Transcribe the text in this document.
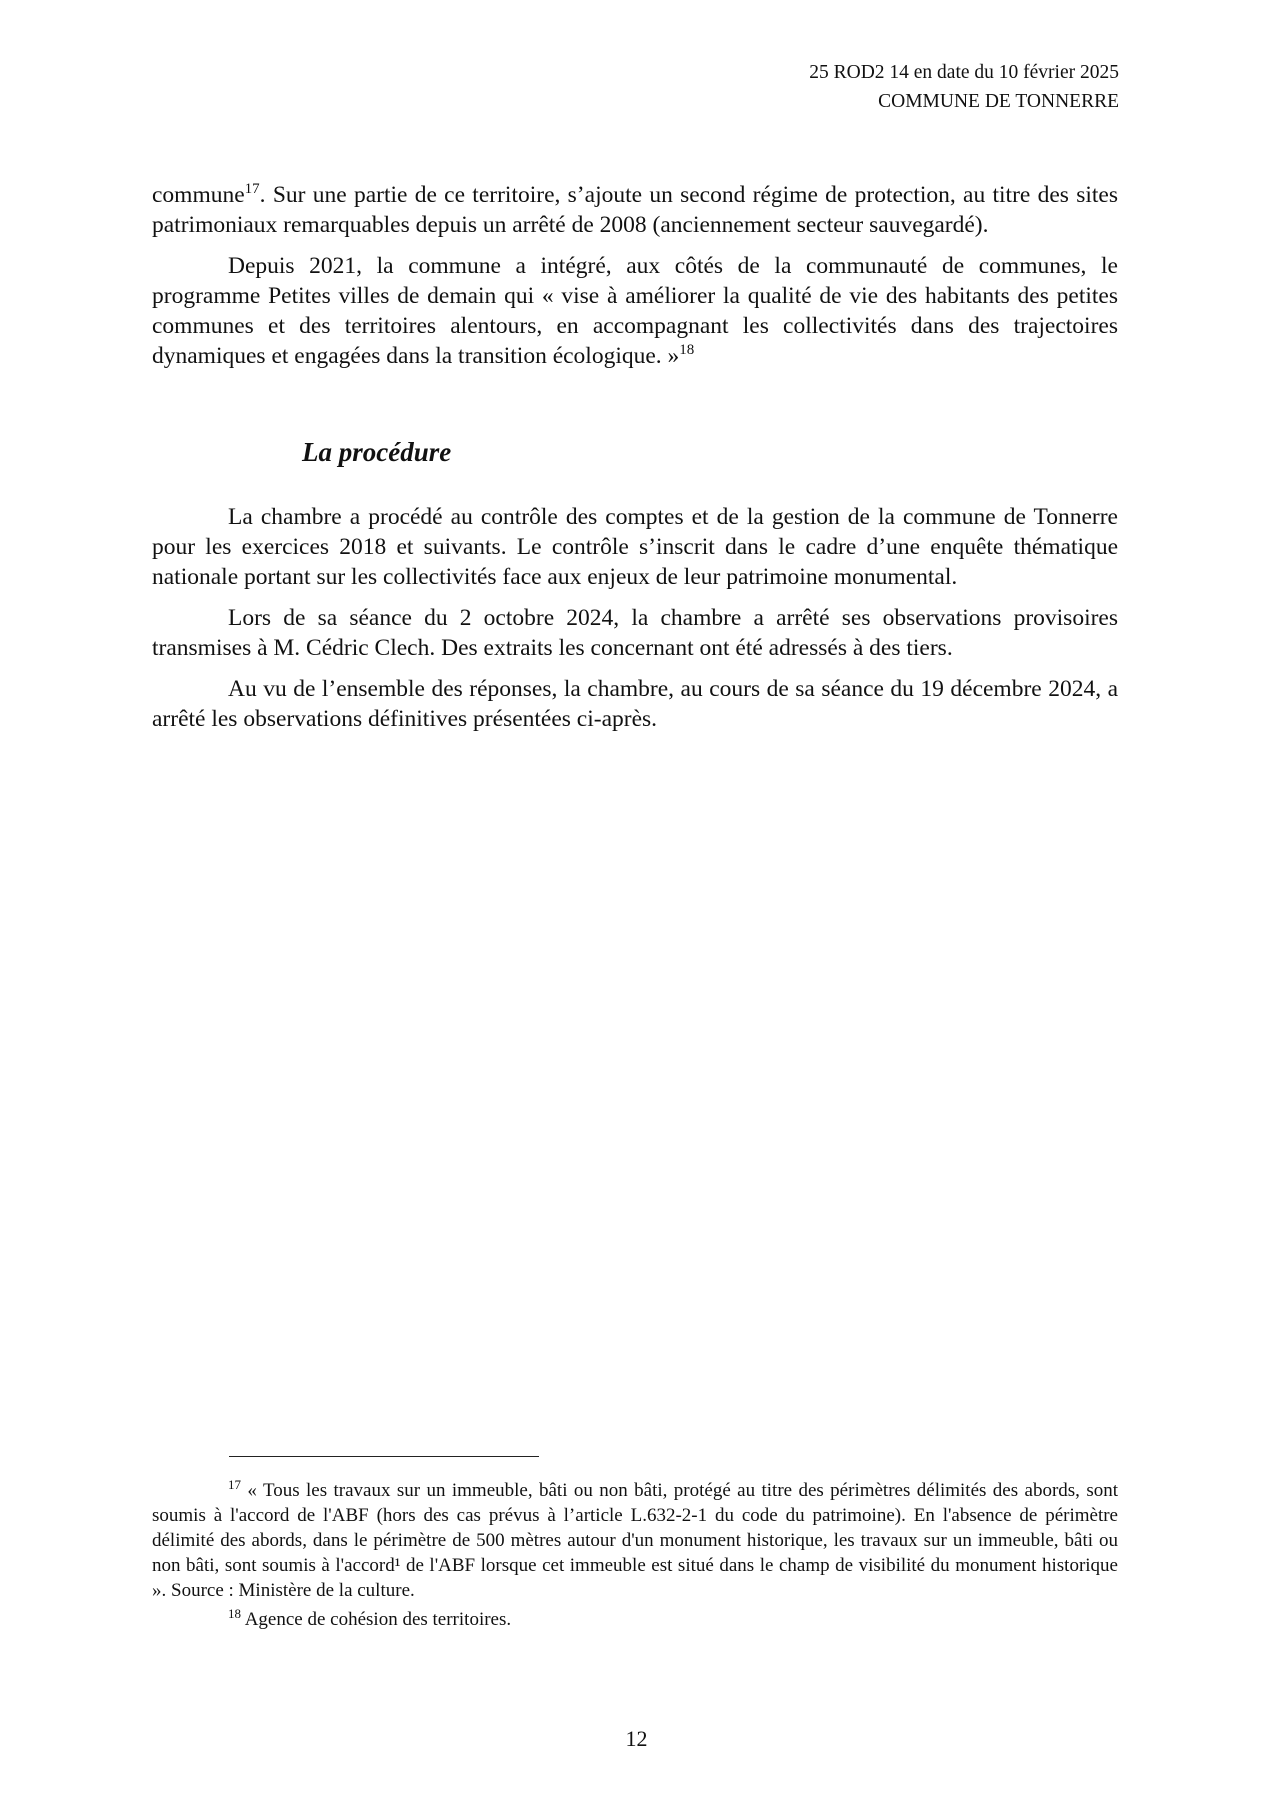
25 ROD2 14 en date du 10 février 2025
COMMUNE DE TONNERRE

commune$^{17}$. Sur une partie de ce territoire, s’ajoute un second régime de protection, au titre des sites patrimoniaux remarquables depuis un arrêté de 2008 (anciennement secteur sauvegardé).

Depuis 2021, la commune a intégré, aux côtés de la communauté de communes, le programme Petites villes de demain qui « vise à améliorer la qualité de vie des habitants des petites communes et des territoires alentours, en accompagnant les collectivités dans des trajectoires dynamiques et engagées dans la transition écologique. »$^{18}$

La procédure

La chambre a procédé au contrôle des comptes et de la gestion de la commune de Tonnerre pour les exercices 2018 et suivants. Le contrôle s’inscrit dans le cadre d’une enquête thématique nationale portant sur les collectivités face aux enjeux de leur patrimoine monumental.

Lors de sa séance du 2 octobre 2024, la chambre a arrêté ses observations provisoires transmises à M. Cédric Clech. Des extraits les concernant ont été adressés à des tiers.

Au vu de l’ensemble des réponses, la chambre, au cours de sa séance du 19 décembre 2024, a arrêté les observations définitives présentées ci-après.

$^{17}$ « Tous les travaux sur un immeuble, bâti ou non bâti, protégé au titre des périmètres délimités des abords, sont soumis à l'accord de l'ABF (hors des cas prévus à l’article L.632-2-1 du code du patrimoine). En l'absence de périmètre délimité des abords, dans le périmètre de 500 mètres autour d'un monument historique, les travaux sur un immeuble, bâti ou non bâti, sont soumis à l'accord¹ de l'ABF lorsque cet immeuble est situé dans le champ de visibilité du monument historique ». Source : Ministère de la culture.

$^{18}$ Agence de cohésion des territoires.

12
